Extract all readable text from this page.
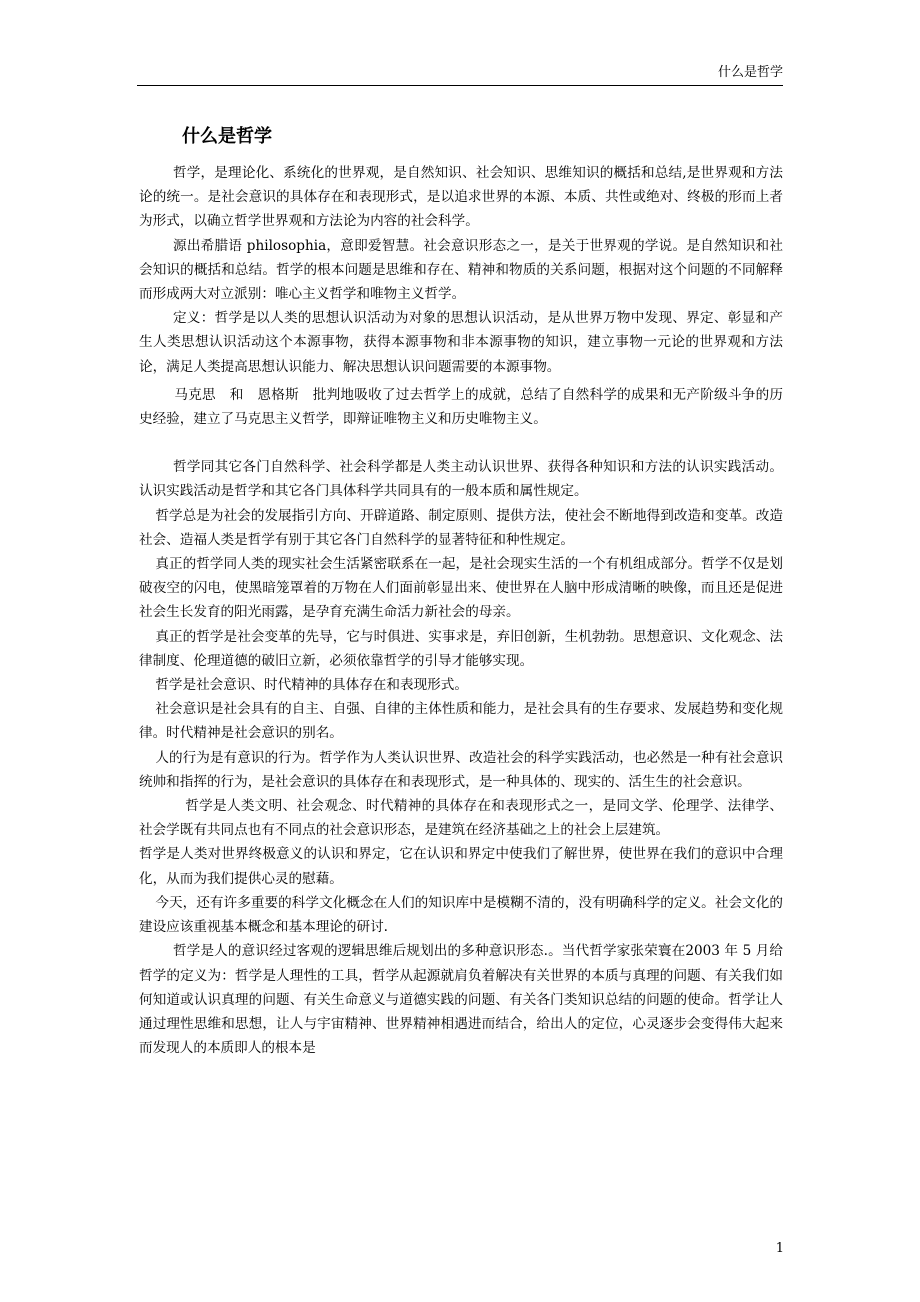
什么是哲学
什么是哲学

哲学，是理论化、系统化的世界观，是自然知识、社会知识、思维知识的概括和总结,是世界观和方法论的统一。是社会意识的具体存在和表现形式，是以追求世界的本源、本质、共性或绝对、终极的形而上者为形式，以确立哲学世界观和方法论为内容的社会科学。

源出希腊语 philosophia，意即爱智慧。社会意识形态之一，是关于世界观的学说。是自然知识和社会知识的概括和总结。哲学的根本问题是思维和存在、精神和物质的关系问题，根据对这个问题的不同解释而形成两大对立派别：唯心主义哲学和唯物主义哲学。

定义：哲学是以人类的思想认识活动为对象的思想认识活动，是从世界万物中发现、界定、彰显和产生人类思想认识活动这个本源事物，获得本源事物和非本源事物的知识，建立事物一元论的世界观和方法论，满足人类提高思想认识能力、解决思想认识问题需要的本源事物。

马克思　和　恩格斯　批判地吸收了过去哲学上的成就，总结了自然科学的成果和无产阶级斗争的历史经验，建立了马克思主义哲学，即辩证唯物主义和历史唯物主义。

哲学同其它各门自然科学、社会科学都是人类主动认识世界、获得各种知识和方法的认识实践活动。认识实践活动是哲学和其它各门具体科学共同具有的一般本质和属性规定。

哲学总是为社会的发展指引方向、开辟道路、制定原则、提供方法，使社会不断地得到改造和变革。改造社会、造福人类是哲学有别于其它各门自然科学的显著特征和种性规定。

真正的哲学同人类的现实社会生活紧密联系在一起，是社会现实生活的一个有机组成部分。哲学不仅是划破夜空的闪电，使黑暗笼罩着的万物在人们面前彰显出来、使世界在人脑中形成清晰的映像，而且还是促进社会生长发育的阳光雨露，是孕育充满生命活力新社会的母亲。

真正的哲学是社会变革的先导，它与时俱进、实事求是，弃旧创新，生机勃勃。思想意识、文化观念、法律制度、伦理道德的破旧立新，必须依靠哲学的引导才能够实现。

哲学是社会意识、时代精神的具体存在和表现形式。

社会意识是社会具有的自主、自强、自律的主体性质和能力，是社会具有的生存要求、发展趋势和变化规律。时代精神是社会意识的别名。

人的行为是有意识的行为。哲学作为人类认识世界、改造社会的科学实践活动，也必然是一种有社会意识统帅和指挥的行为，是社会意识的具体存在和表现形式，是一种具体的、现实的、活生生的社会意识。

哲学是人类文明、社会观念、时代精神的具体存在和表现形式之一，是同文学、伦理学、法律学、社会学既有共同点也有不同点的社会意识形态，是建筑在经济基础之上的社会上层建筑。

哲学是人类对世界终极意义的认识和界定，它在认识和界定中使我们了解世界，使世界在我们的意识中合理化，从而为我们提供心灵的慰藉。

今天，还有许多重要的科学文化概念在人们的知识库中是模糊不清的，没有明确科学的定义。社会文化的建设应该重视基本概念和基本理论的研讨.

哲学是人的意识经过客观的逻辑思维后规划出的多种意识形态.。当代哲学家张荣寰在2003 年 5 月给哲学的定义为：哲学是人理性的工具，哲学从起源就肩负着解决有关世界的本质与真理的问题、有关我们如何知道或认识真理的问题、有关生命意义与道德实践的问题、有关各门类知识总结的问题的使命。哲学让人通过理性思维和思想，让人与宇宙精神、世界精神相遇进而结合，给出人的定位，心灵逐步会变得伟大起来而发现人的本质即人的根本是

1
